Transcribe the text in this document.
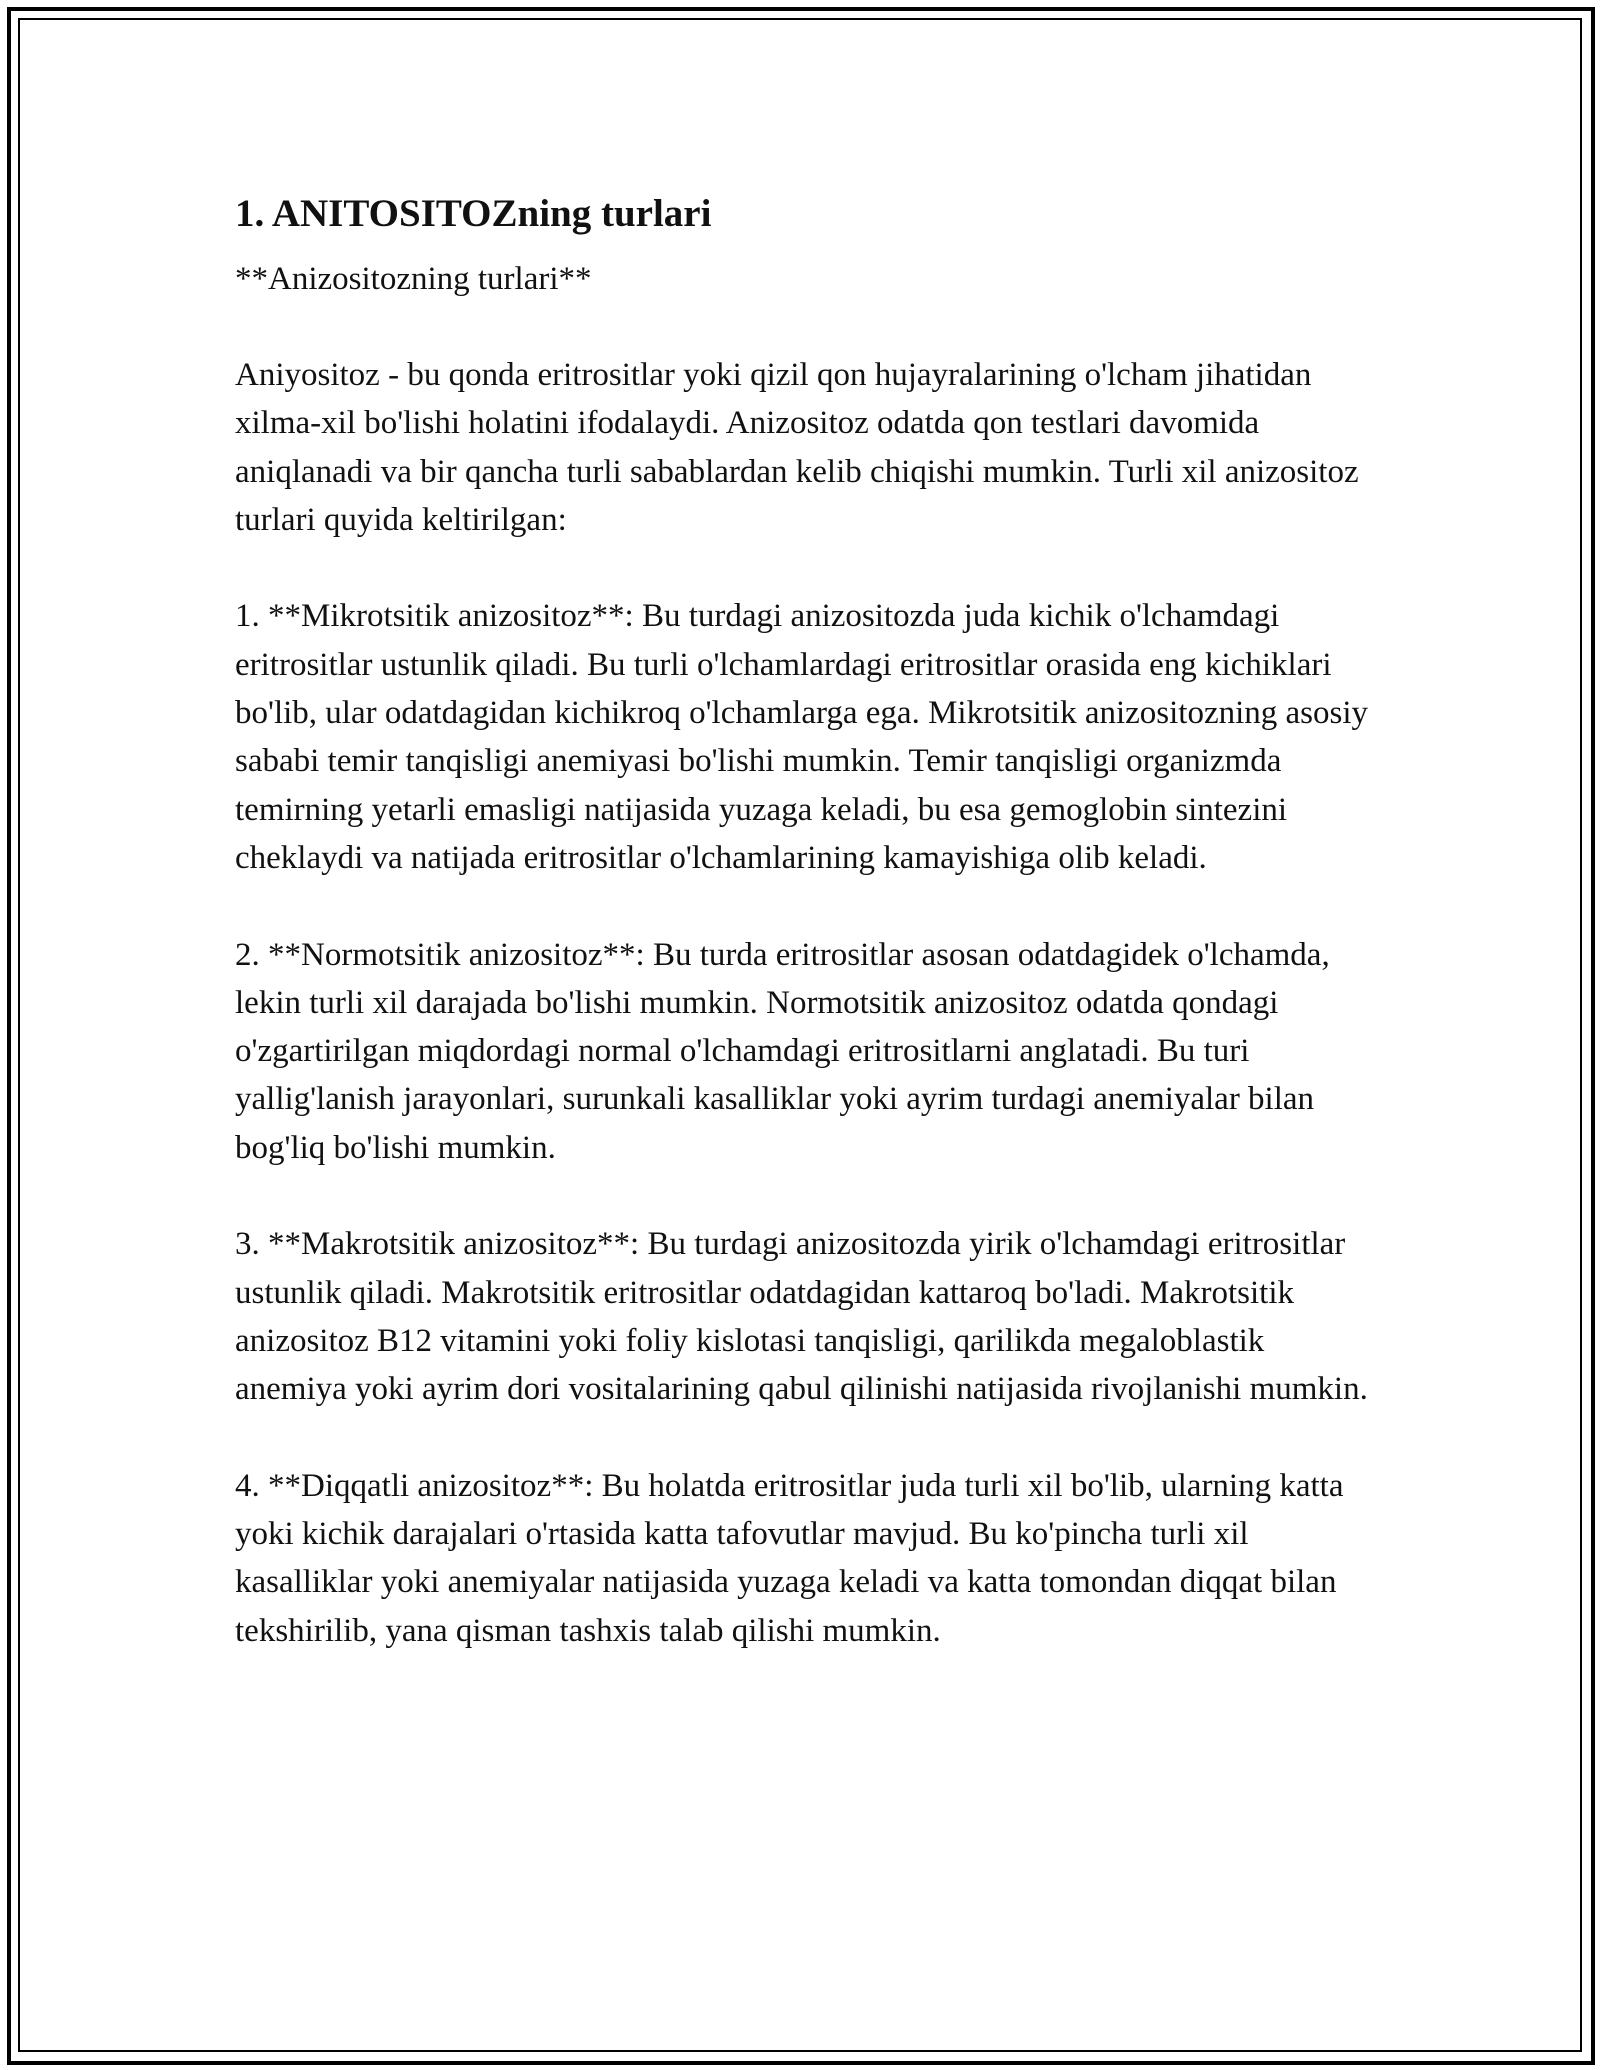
1. ANITOSITOZning turlari

**Anizositozning turlari**

Aniyositoz - bu qonda eritrositlar yoki qizil qon hujayralarining o'lcham jihatidan xilma-xil bo'lishi holatini ifodalaydi. Anizositoz odatda qon testlari davomida aniqlanadi va bir qancha turli sabablardan kelib chiqishi mumkin. Turli xil anizositoz turlari quyida keltirilgan:

1. **Mikrotsitik anizositoz**: Bu turdagi anizositozda juda kichik o'lchamdagi eritrositlar ustunlik qiladi. Bu turli o'lchamlardagi eritrositlar orasida eng kichiklari bo'lib, ular odatdagidan kichikroq o'lchamlarga ega. Mikrotsitik anizositozning asosiy sababi temir tanqisligi anemiyasi bo'lishi mumkin. Temir tanqisligi organizmda temirning yetarli emasligi natijasida yuzaga keladi, bu esa gemoglobin sintezini cheklaydi va natijada eritrositlar o'lchamlarining kamayishiga olib keladi.

2. **Normotsitik anizositoz**: Bu turda eritrositlar asosan odatdagidek o'lchamda, lekin turli xil darajada bo'lishi mumkin. Normotsitik anizositoz odatda qondagi o'zgartirilgan miqdordagi normal o'lchamdagi eritrositlarni anglatadi. Bu turi yallig'lanish jarayonlari, surunkali kasalliklar yoki ayrim turdagi anemiyalar bilan bog'liq bo'lishi mumkin.

3. **Makrotsitik anizositoz**: Bu turdagi anizositozda yirik o'lchamdagi eritrositlar ustunlik qiladi. Makrotsitik eritrositlar odatdagidan kattaroq bo'ladi. Makrotsitik anizositoz B12 vitamini yoki foliy kislotasi tanqisligi, qarilikda megaloblastik anemiya yoki ayrim dori vositalarining qabul qilinishi natijasida rivojlanishi mumkin.

4. **Diqqatli anizositoz**: Bu holatda eritrositlar juda turli xil bo'lib, ularning katta yoki kichik darajalari o'rtasida katta tafovutlar mavjud. Bu ko'pincha turli xil kasalliklar yoki anemiyalar natijasida yuzaga keladi va katta tomondan diqqat bilan tekshirilib, yana qisman tashxis talab qilishi mumkin.
